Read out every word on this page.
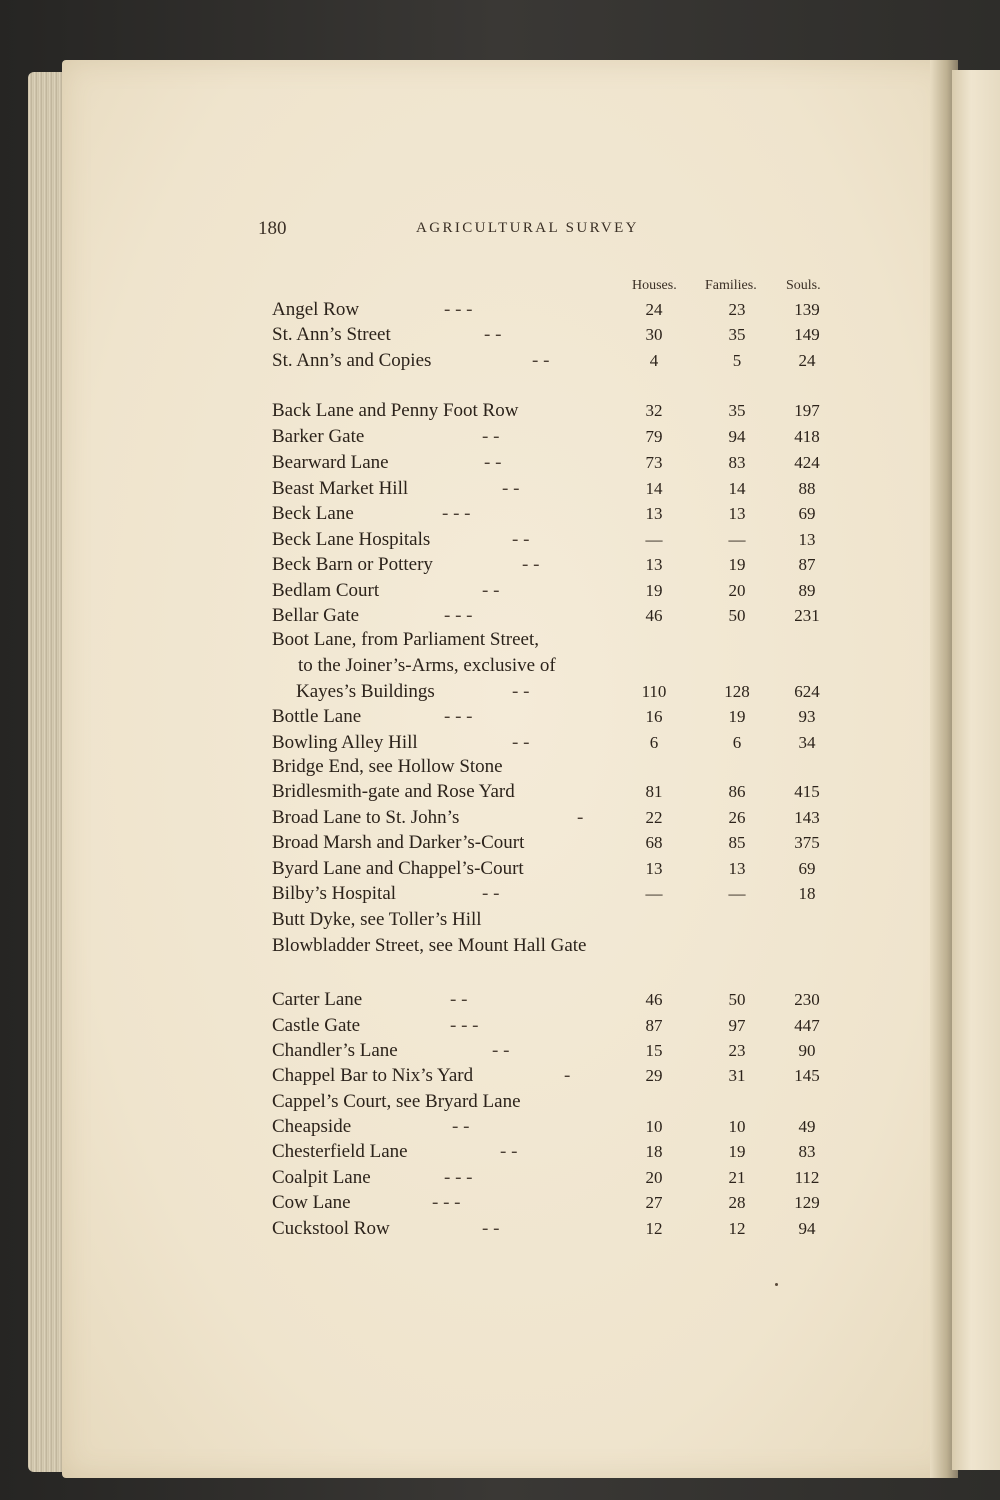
180	AGRICULTURAL SURVEY
Houses. Families. Souls.
Angel Row	- - -	24	23	139
St. Ann’s Street	- -	30	35	149
St. Ann’s and Copies	- -	4	5	24
Back Lane and Penny Foot Row	32	35	197
Barker Gate	- -	79	94	418
Bearward Lane	- -	73	83	424
Beast Market Hill	- -	14	14	88
Beck Lane	- - -	13	13	69
Beck Lane Hospitals	- -	—	—	13
Beck Barn or Pottery	- -	13	19	87
Bedlam Court	- -	19	20	89
Bellar Gate	- - -	46	50	231
Boot Lane, from Parliament Street,
to the Joiner’s-Arms, exclusive of
Kayes’s Buildings	- -	110	128	624
Bottle Lane	- - -	16	19	93
Bowling Alley Hill	- -	6	6	34
Bridge End, see Hollow Stone
Bridlesmith-gate and Rose Yard	81	86	415
Broad Lane to St. John’s	-	22	26	143
Broad Marsh and Darker’s-Court	68	85	375
Byard Lane and Chappel’s-Court	13	13	69
Bilby’s Hospital	- -	—	—	18
Butt Dyke, see Toller’s Hill
Blowbladder Street, see Mount Hall Gate
Carter Lane	- -	46	50	230
Castle Gate	- - -	87	97	447
Chandler’s Lane	- -	15	23	90
Chappel Bar to Nix’s Yard	-	29	31	145
Cappel’s Court, see Bryard Lane
Cheapside	- -	10	10	49
Chesterfield Lane	- -	18	19	83
Coalpit Lane	- - -	20	21	112
Cow Lane	- - -	27	28	129
Cuckstool Row	- -	12	12	94
